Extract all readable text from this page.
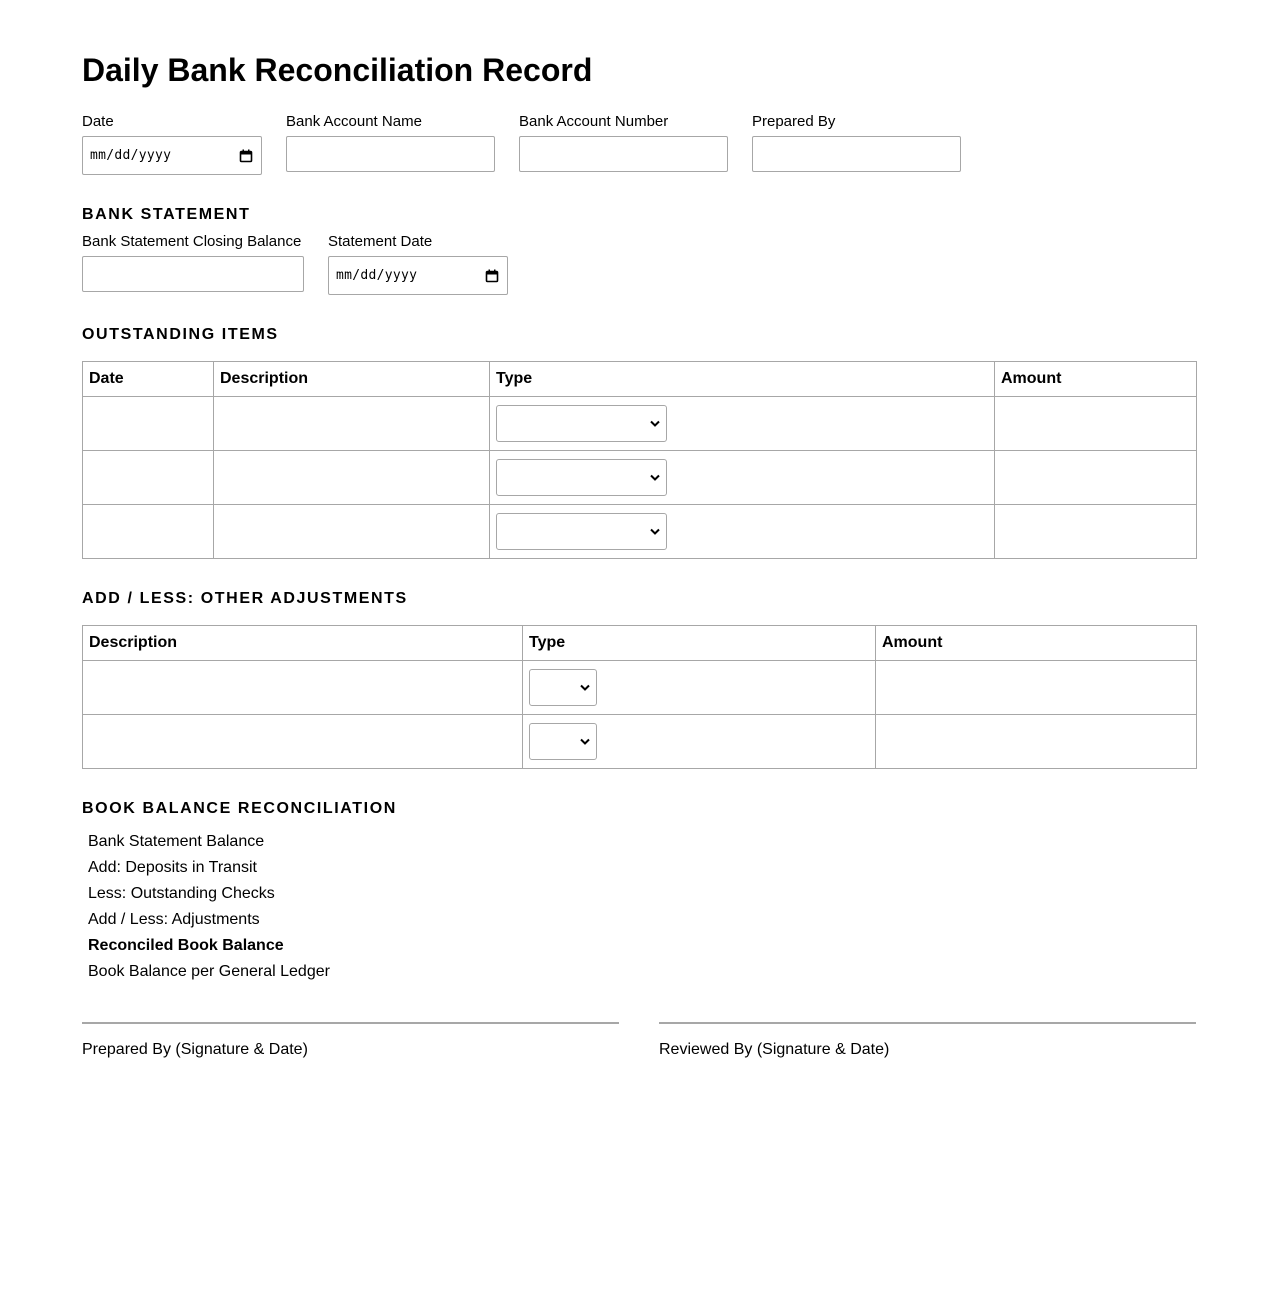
Daily Bank Reconciliation Record
Date
mm/dd/yyyy
Bank Account Name	Bank Account Number	Prepared By
BANK STATEMENT
Bank Statement Closing Balance Statement Date
mm/dd/yyyy
OUTSTANDING ITEMS
Date	Description	Type	Amount

ADD / LESS: OTHER ADJUSTMENTS
Description	Type	Amount

BOOK BALANCE RECONCILIATION
Bank Statement Balance
Add: Deposits in Transit
Less: Outstanding Checks
Add / Less: Adjustments
Reconciled Book Balance
Book Balance per General Ledger
Prepared By (Signature & Date)	Reviewed By (Signature & Date)
